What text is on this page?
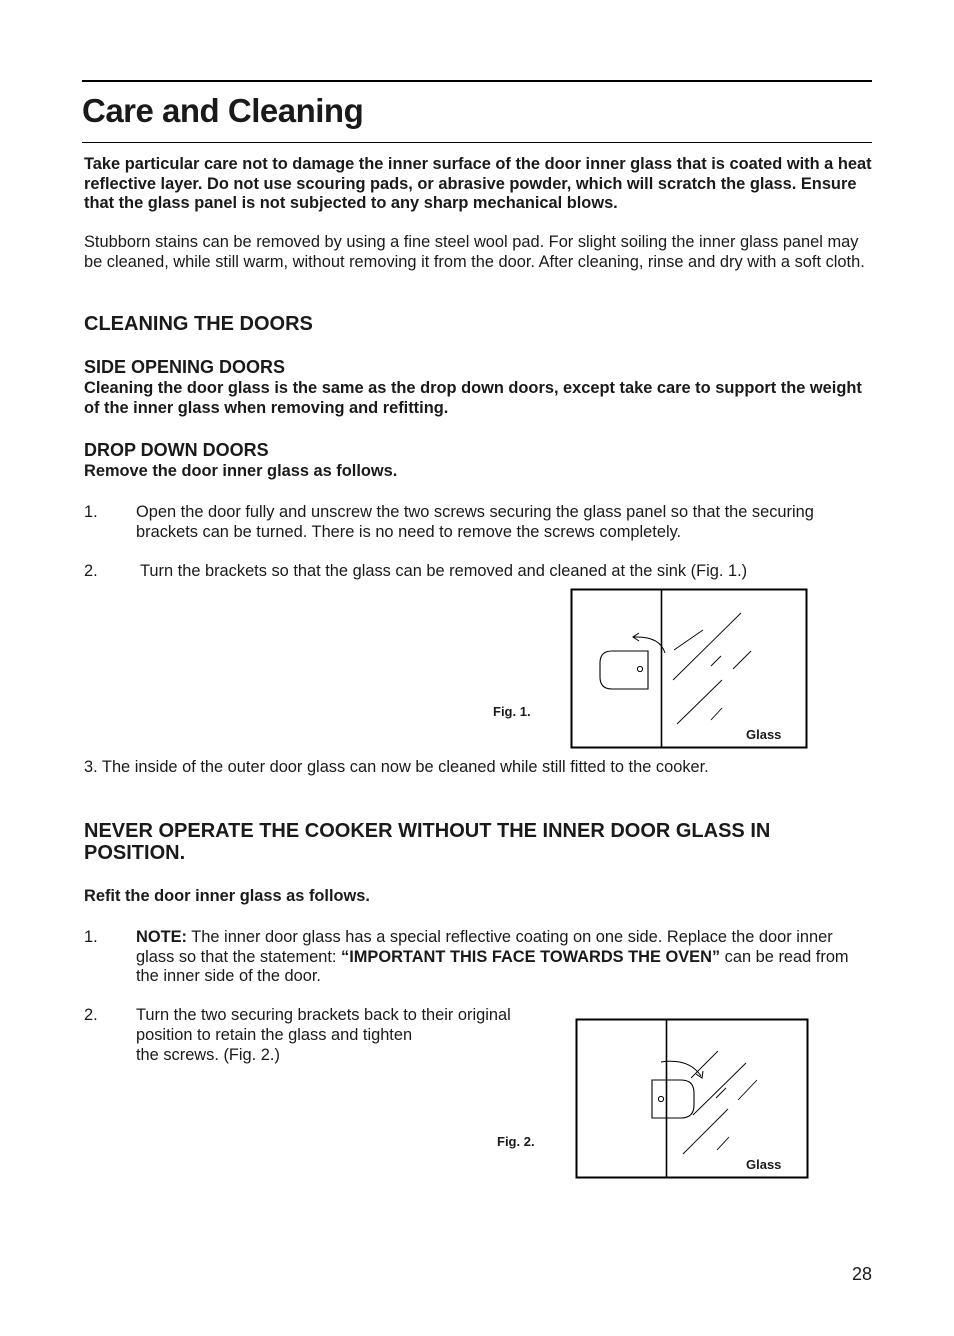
Care and Cleaning

Take particular care not to damage the inner surface of the door inner glass that is coated with a heat reflective layer. Do not use scouring pads, or abrasive powder, which will scratch the glass. Ensure that the glass panel is not subjected to any sharp mechanical blows.

Stubborn stains can be removed by using a fine steel wool pad. For slight soiling the inner glass panel may be cleaned, while still warm, without removing it from the door. After cleaning, rinse and dry with a soft cloth.

CLEANING THE DOORS
SIDE OPENING DOORS

Cleaning the door glass is the same as the drop down doors, except take care to support the weight of the inner glass when removing and refitting.

DROP DOWN DOORS
Remove the door inner glass as follows.
1. Open the door fully and unscrew the two screws securing the glass panel so that the securing brackets can be turned. There is no need to remove the screws completely.

2.	Turn the brackets so that the glass can be removed and cleaned at the sink (Fig. 1.)

Fig. 1.
Glass

3. The inside of the outer door glass can now be cleaned while still fitted to the cooker.

NEVER OPERATE THE COOKER WITHOUT THE INNER DOOR GLASS IN POSITION.
Refit the door inner glass as follows.
1. NOTE: The inner door glass has a special reflective coating on one side. Replace the door inner glass so that the statement: “IMPORTANT THIS FACE TOWARDS THE OVEN” can be read from the inner side of the door.

2. Turn the two securing brackets back to their original
position to retain the glass and tighten
the screws. (Fig. 2.)
Fig. 2.
Glass
28
